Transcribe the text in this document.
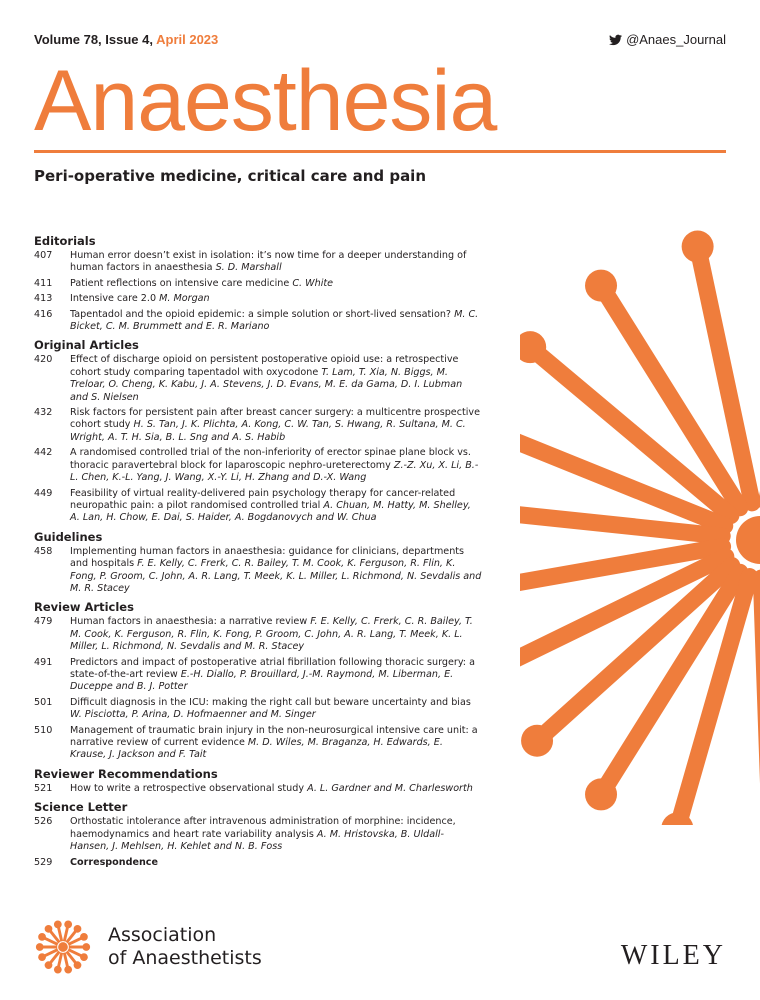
Volume 78, Issue 4, April 2023	@Anaes_Journal
Anaesthesia
Peri-operative medicine, critical care and pain
Editorials
407	Human error doesn’t exist in isolation: it’s now time for a deeper understanding of human factors in anaesthesia S. D. Marshall
411	Patient reflections on intensive care medicine C. White
413	Intensive care 2.0 M. Morgan
416	Tapentadol and the opioid epidemic: a simple solution or short-lived sensation? M. C. Bicket, C. M. Brummett and E. R. Mariano
Original Articles
420	Effect of discharge opioid on persistent postoperative opioid use: a retrospective cohort study comparing tapentadol with oxycodone T. Lam, T. Xia, N. Biggs, M. Treloar, O. Cheng, K. Kabu, J. A. Stevens, J. D. Evans, M. E. da Gama, D. I. Lubman and S. Nielsen
432	Risk factors for persistent pain after breast cancer surgery: a multicentre prospective cohort study H. S. Tan, J. K. Plichta, A. Kong, C. W. Tan, S. Hwang, R. Sultana, M. C. Wright, A. T. H. Sia, B. L. Sng and A. S. Habib
442	A randomised controlled trial of the non-inferiority of erector spinae plane block vs. thoracic paravertebral block for laparoscopic nephro-ureterectomy Z.-Z. Xu, X. Li, B.-L. Chen, K.-L. Yang, J. Wang, X.-Y. Li, H. Zhang and D.-X. Wang
449	Feasibility of virtual reality-delivered pain psychology therapy for cancer-related neuropathic pain: a pilot randomised controlled trial A. Chuan, M. Hatty, M. Shelley, A. Lan, H. Chow, E. Dai, S. Haider, A. Bogdanovych and W. Chua
Guidelines
458	Implementing human factors in anaesthesia: guidance for clinicians, departments and hospitals F. E. Kelly, C. Frerk, C. R. Bailey, T. M. Cook, K. Ferguson, R. Flin, K. Fong, P. Groom, C. John, A. R. Lang, T. Meek, K. L. Miller, L. Richmond, N. Sevdalis and M. R. Stacey
Review Articles
479	Human factors in anaesthesia: a narrative review F. E. Kelly, C. Frerk, C. R. Bailey, T. M. Cook, K. Ferguson, R. Flin, K. Fong, P. Groom, C. John, A. R. Lang, T. Meek, K. L. Miller, L. Richmond, N. Sevdalis and M. R. Stacey
491	Predictors and impact of postoperative atrial fibrillation following thoracic surgery: a state-of-the-art review E.-H. Diallo, P. Brouillard, J.-M. Raymond, M. Liberman, E. Duceppe and B. J. Potter
501	Difficult diagnosis in the ICU: making the right call but beware uncertainty and bias W. Pisciotta, P. Arina, D. Hofmaenner and M. Singer
510	Management of traumatic brain injury in the non-neurosurgical intensive care unit: a narrative review of current evidence M. D. Wiles, M. Braganza, H. Edwards, E. Krause, J. Jackson and F. Tait
Reviewer Recommendations
521	How to write a retrospective observational study A. L. Gardner and M. Charlesworth
Science Letter
526	Orthostatic intolerance after intravenous administration of morphine: incidence, haemodynamics and heart rate variability analysis A. M. Hristovska, B. Uldall-Hansen, J. Mehlsen, H. Kehlet and N. B. Foss
529	Correspondence
Association
of Anaesthetists	WILEY
